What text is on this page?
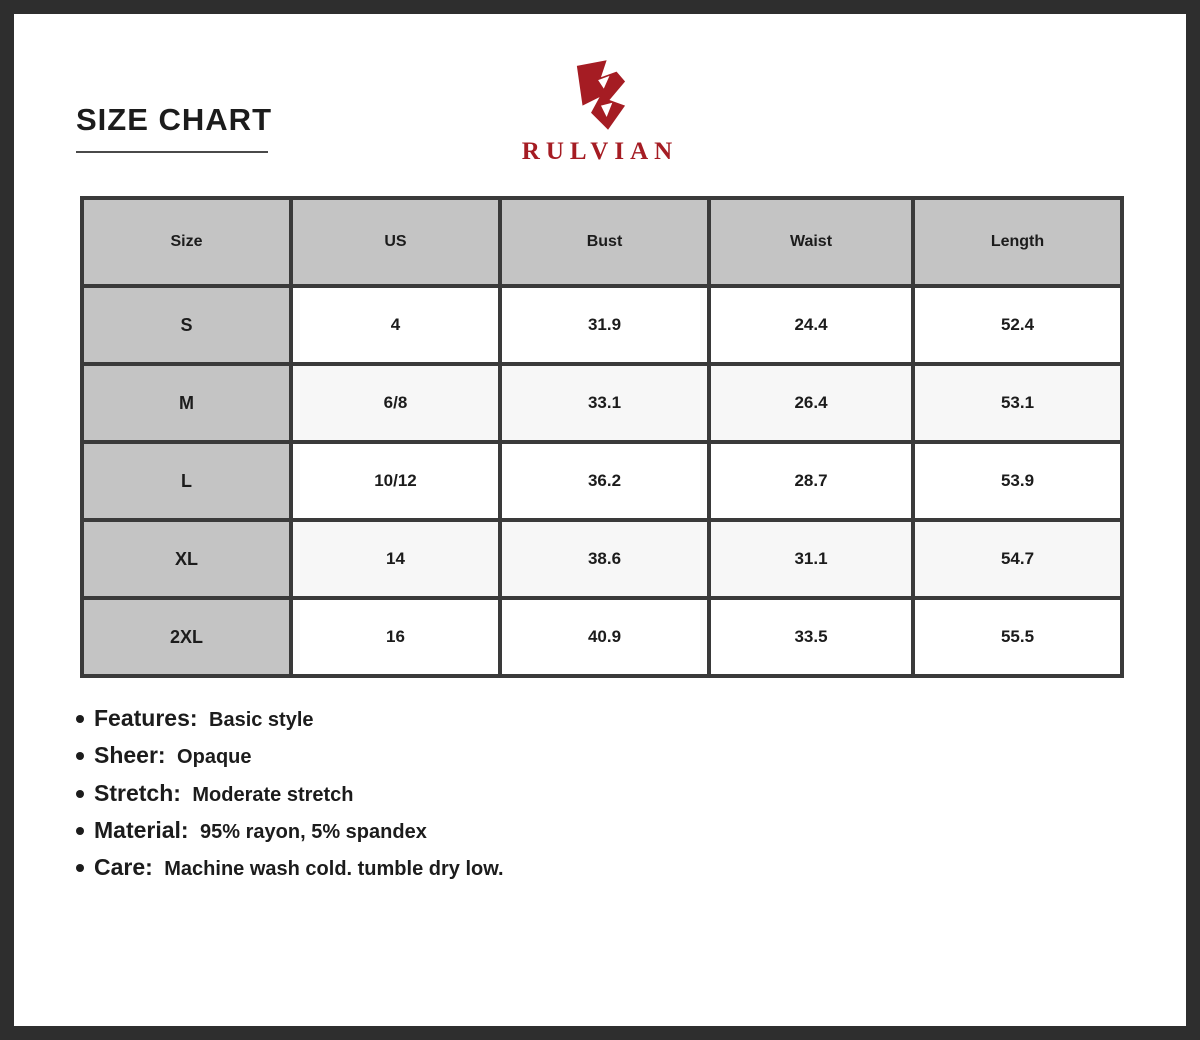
SIZE CHART
RULVIAN
Size	US	Bust	Waist	Length
S	4	31.9	24.4	52.4
M	6/8	33.1	26.4	53.1
L	10/12	36.2	28.7	53.9
XL	14	38.6	31.1	54.7
2XL	16	40.9	33.5	55.5
Features: Basic style
Sheer: Opaque
Stretch: Moderate stretch
Material: 95% rayon, 5% spandex
Care: Machine wash cold. tumble dry low.
